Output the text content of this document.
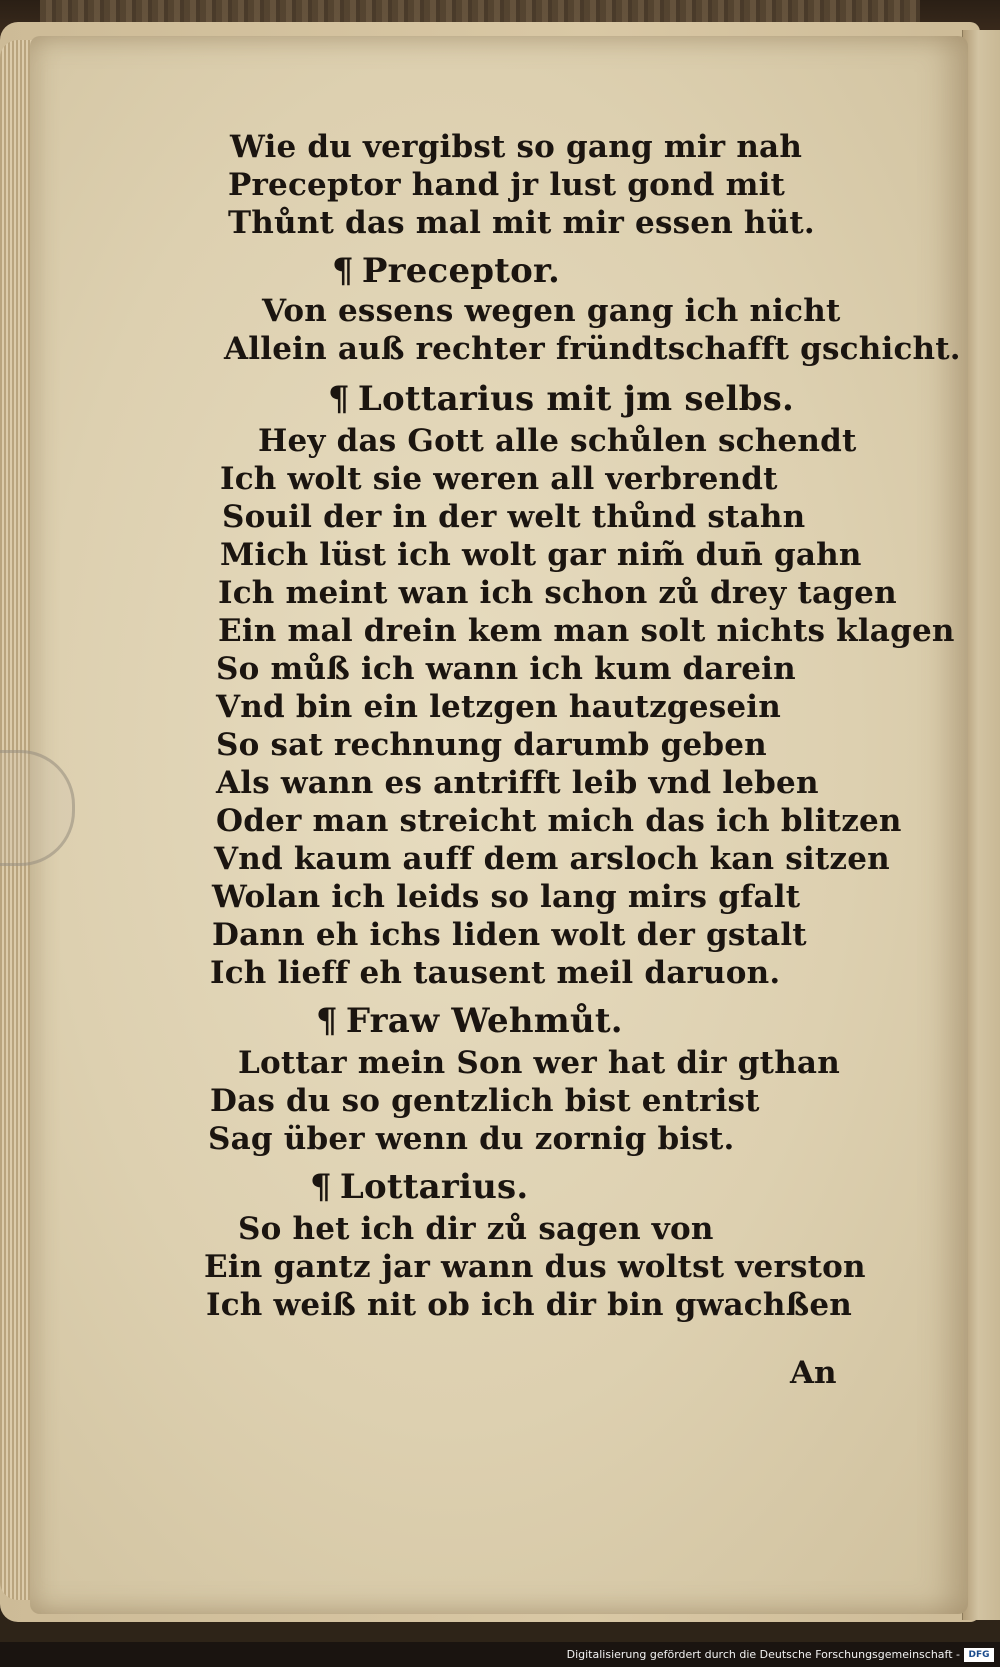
Wie du vergibst so gang mir nah
Preceptor hand jr lust gond mit
Thůnt das mal mit mir essen hüt.
¶ Preceptor.
Von essens wegen gang ich nicht
Allein auß rechter fründtschafft gschicht.
¶ Lottarius mit jm selbs.
Hey das Gott alle schůlen schendt
Ich wolt sie weren all verbrendt
Souil der in der welt thůnd stahn
Mich lüst ich wolt gar nim̃ dun̄ gahn
Ich meint wan ich schon zů drey tagen
Ein mal drein kem man solt nichts klagen
So můß ich wann ich kum darein
Vnd bin ein letzgen hautzgesein
So sat rechnung darumb geben
Als wann es antrifft leib vnd leben
Oder man streicht mich das ich blitzen
Vnd kaum auff dem arsloch kan sitzen
Wolan ich leids so lang mirs gfalt
Dann eh ichs liden wolt der gstalt
Ich lieff eh tausent meil daruon.
¶ Fraw Wehmůt.
Lottar mein Son wer hat dir gthan
Das du so gentzlich bist entrist
Sag über wenn du zornig bist.
¶ Lottarius.
So het ich dir zů sagen von
Ein gantz jar wann dus woltst verston
Ich weiß nit ob ich dir bin gwachßen
An
Digitalisierung gefördert durch die Deutsche Forschungsgemeinschaft - DFG
